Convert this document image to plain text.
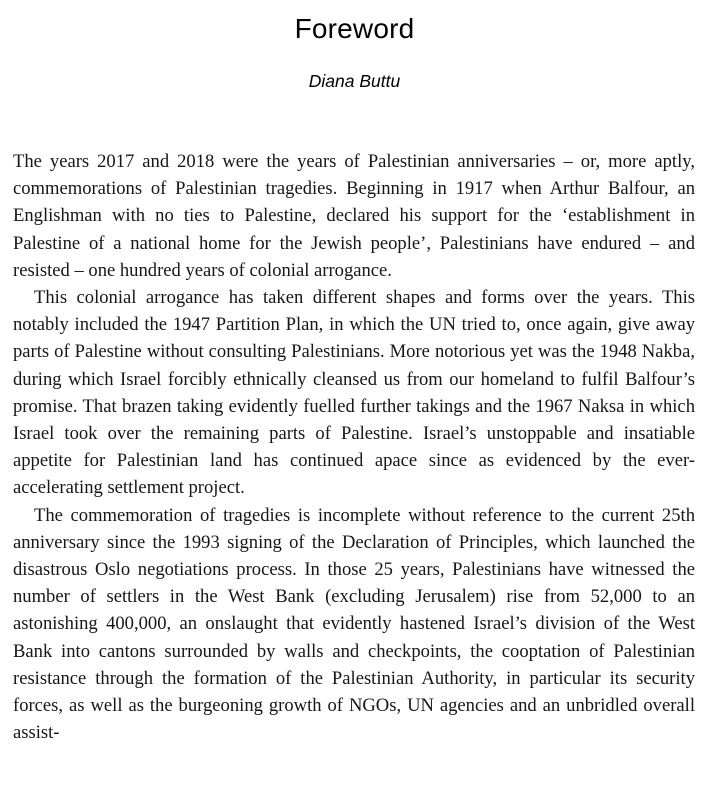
Foreword
Diana Buttu

The years 2017 and 2018 were the years of Palestinian anniversaries – or, more aptly, commemorations of Palestinian tragedies. Beginning in 1917 when Arthur Balfour, an Englishman with no ties to Palestine, declared his support for the ‘establishment in Palestine of a national home for the Jewish people’, Palestinians have endured – and resisted – one hundred years of colonial arrogance.

This colonial arrogance has taken different shapes and forms over the years. This notably included the 1947 Partition Plan, in which the UN tried to, once again, give away parts of Palestine without consulting Palestinians. More notorious yet was the 1948 Nakba, during which Israel forcibly ethnically cleansed us from our homeland to fulfil Balfour’s promise. That brazen taking evidently fuelled further takings and the 1967 Naksa in which Israel took over the remaining parts of Palestine. Israel’s unstoppable and insatiable appetite for Palestinian land has continued apace since as evidenced by the ever-accelerating settlement project.

The commemoration of tragedies is incomplete without reference to the current 25th anniversary since the 1993 signing of the Declaration of Principles, which launched the disastrous Oslo negotiations process. In those 25 years, Palestinians have witnessed the number of settlers in the West Bank (excluding Jerusalem) rise from 52,000 to an astonishing 400,000, an onslaught that evidently hastened Israel’s division of the West Bank into cantons surrounded by walls and checkpoints, the cooptation of Palestinian resistance through the formation of the Palestinian Authority, in particular its security forces, as well as the burgeoning growth of NGOs, UN agencies and an unbridled overall assist-
